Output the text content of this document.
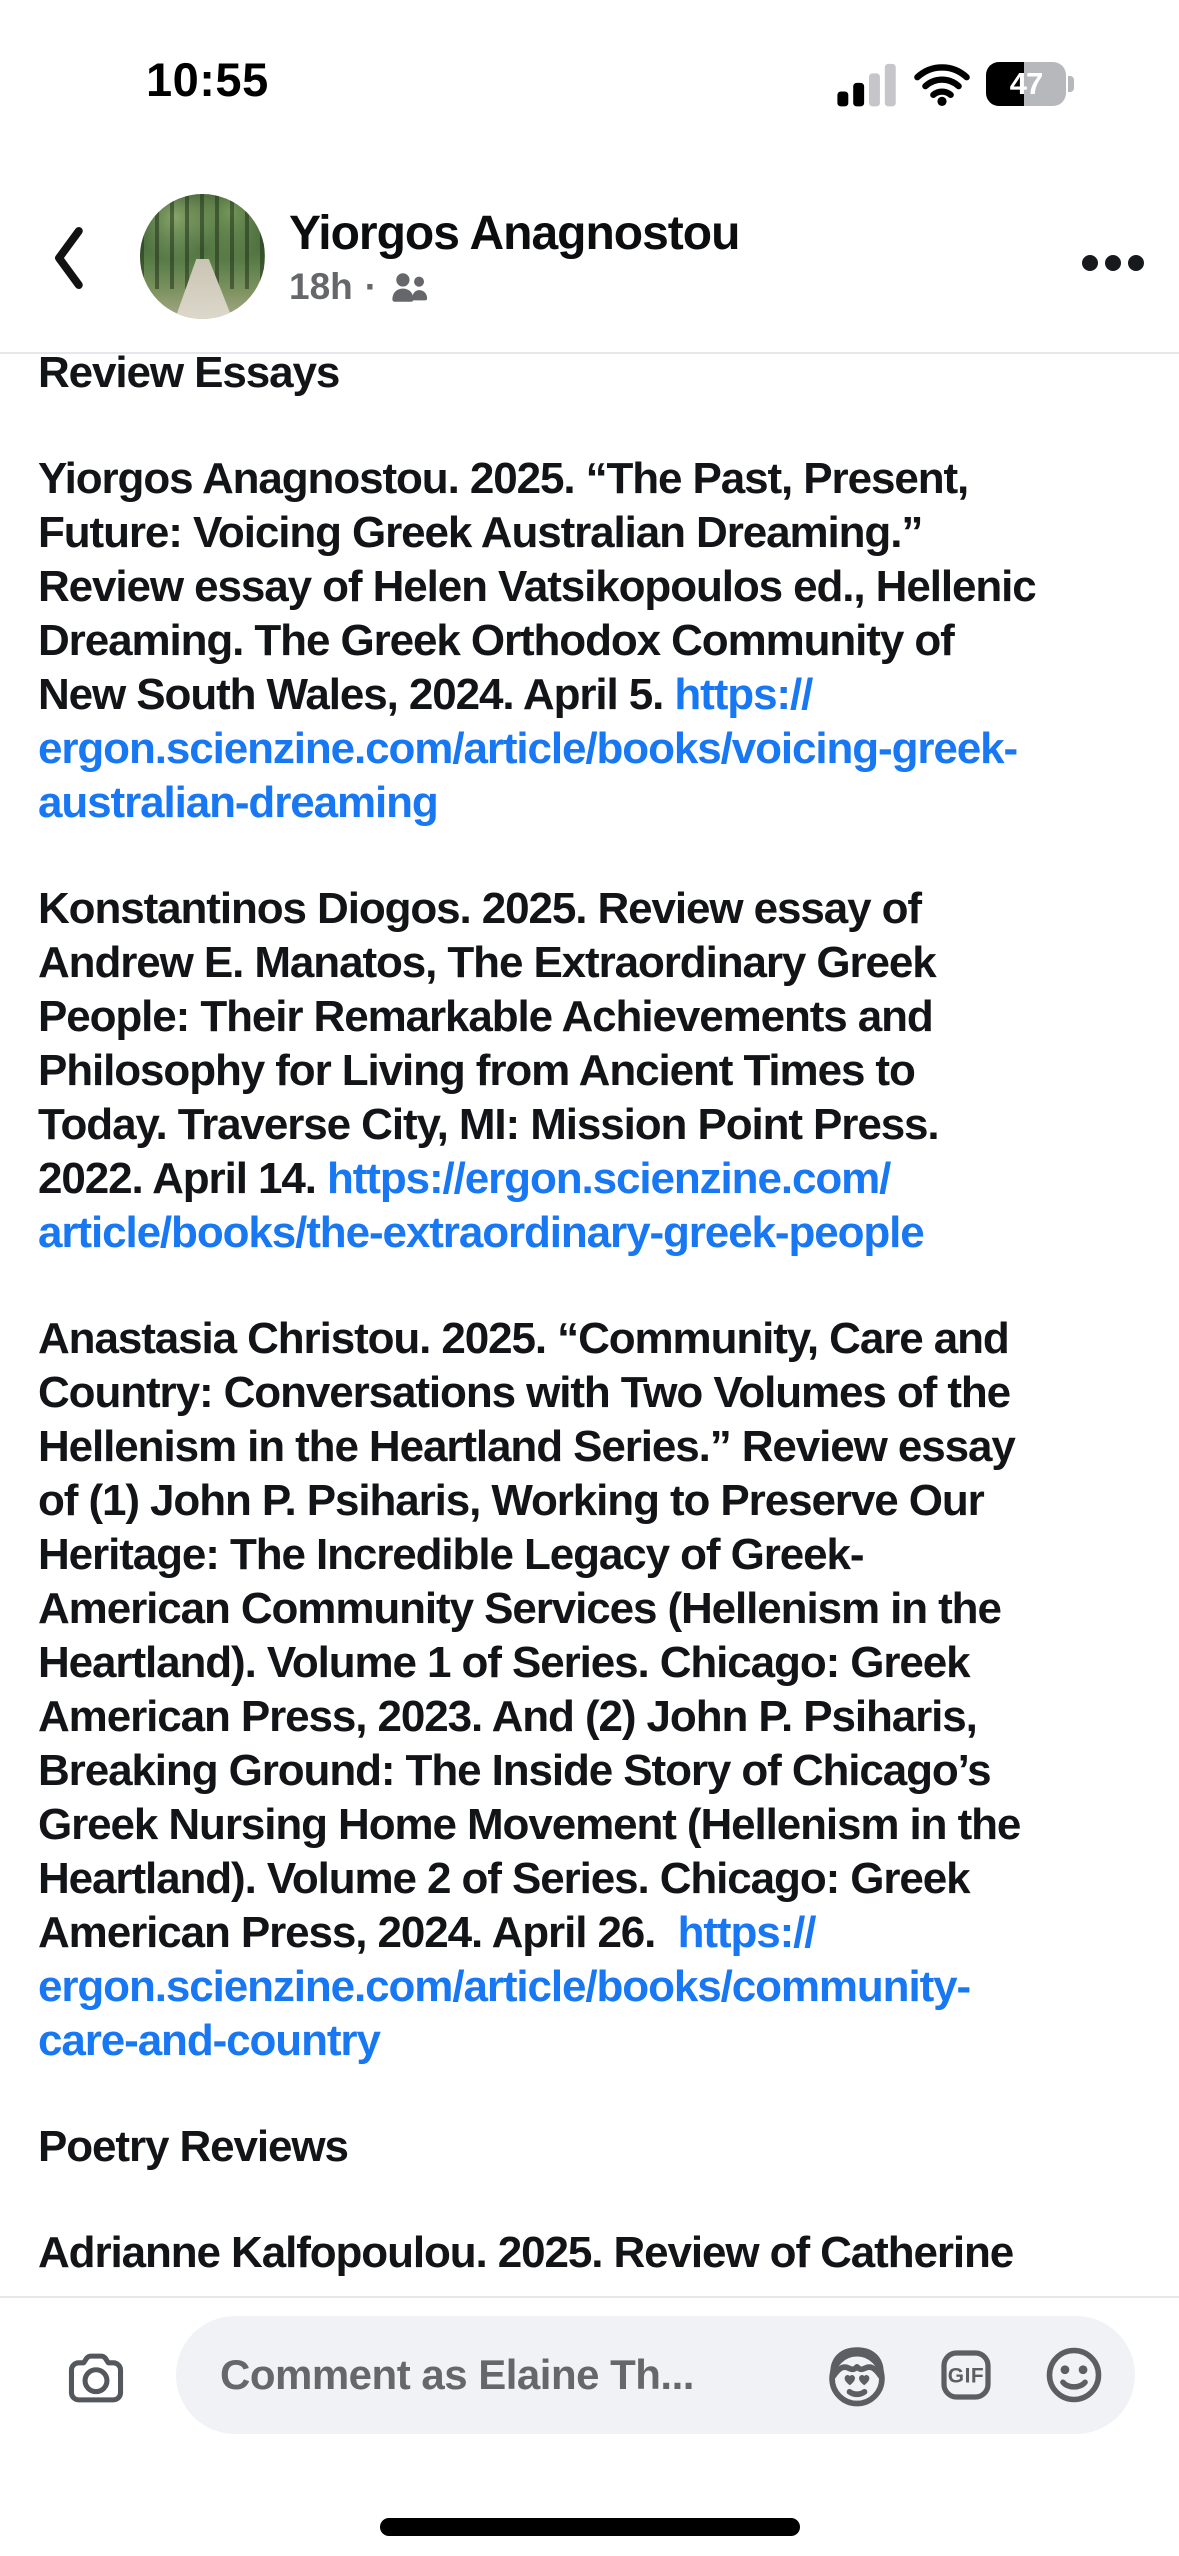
10:55	47
Yiorgos Anagnostou
18h ·
Review Essays
Yiorgos Anagnostou. 2025. “The Past, Present,
Future: Voicing Greek Australian Dreaming.”
Review essay of Helen Vatsikopoulos ed., Hellenic
Dreaming. The Greek Orthodox Community of
New South Wales, 2024. April 5. https://
ergon.scienzine.com/article/books/voicing-greek-
australian-dreaming
Konstantinos Diogos. 2025. Review essay of
Andrew E. Manatos, The Extraordinary Greek
People: Their Remarkable Achievements and
Philosophy for Living from Ancient Times to
Today. Traverse City, MI: Mission Point Press.
2022. April 14. https://ergon.scienzine.com/
article/books/the-extraordinary-greek-people
Anastasia Christou. 2025. “Community, Care and
Country: Conversations with Two Volumes of the
Hellenism in the Heartland Series.” Review essay
of (1) John P. Psiharis, Working to Preserve Our
Heritage: The Incredible Legacy of Greek-
American Community Services (Hellenism in the
Heartland). Volume 1 of Series. Chicago: Greek
American Press, 2023. And (2) John P. Psiharis,
Breaking Ground: The Inside Story of Chicago’s
Greek Nursing Home Movement (Hellenism in the
Heartland). Volume 2 of Series. Chicago: Greek
American Press, 2024. April 26.  https://
ergon.scienzine.com/article/books/community-
care-and-country
Poetry Reviews
Adrianne Kalfopoulou. 2025. Review of Catherine
Comment as Elaine Th...	GIF
